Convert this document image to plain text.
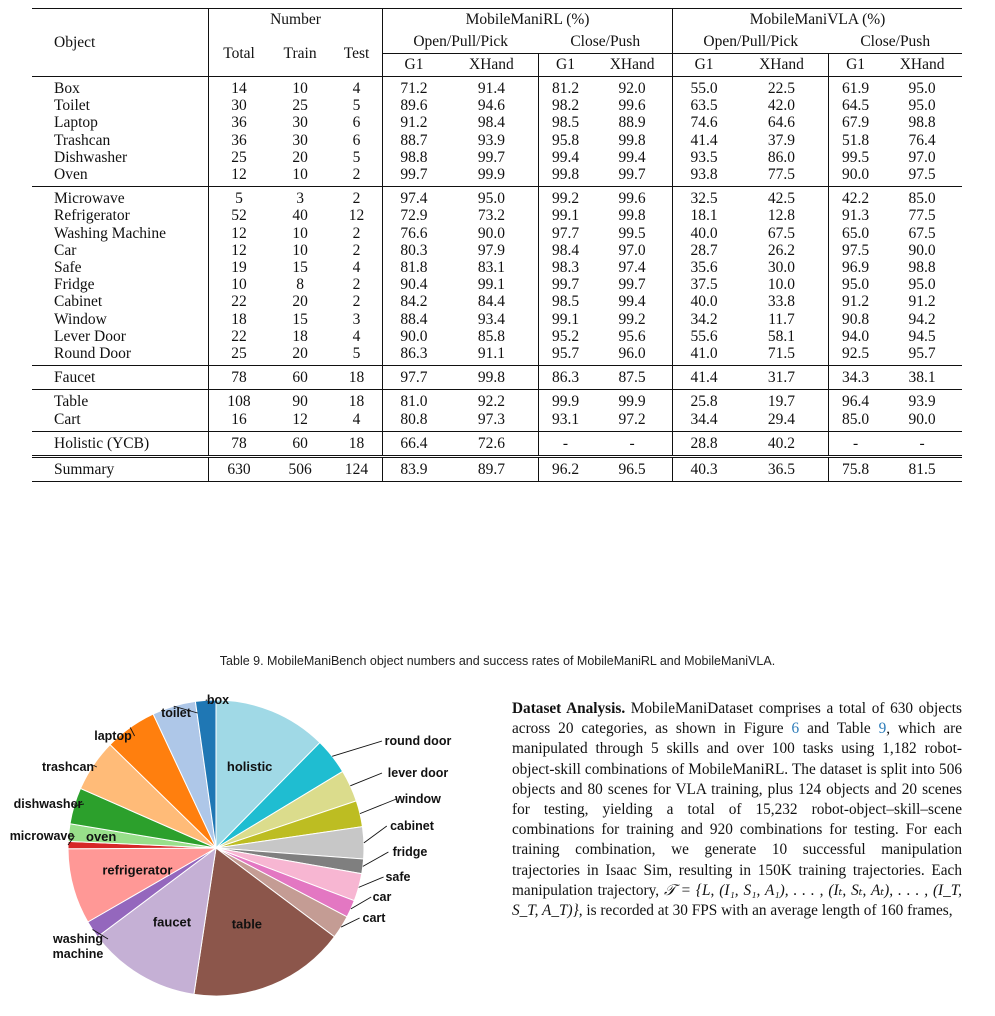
Object	Number			MobileManiRL (%)				MobileManiVLA (%)			
	Total	Train	Test	Open/Pull/Pick		Close/Push		Open/Pull/Pick		Close/Push	
				G1	XHand	G1	XHand	G1	XHand	G1	XHand
Box	14	10	4	71.2	91.4	81.2	92.0	55.0	22.5	61.9	95.0
Toilet	30	25	5	89.6	94.6	98.2	99.6	63.5	42.0	64.5	95.0
Laptop	36	30	6	91.2	98.4	98.5	88.9	74.6	64.6	67.9	98.8
Trashcan	36	30	6	88.7	93.9	95.8	99.8	41.4	37.9	51.8	76.4
Dishwasher	25	20	5	98.8	99.7	99.4	99.4	93.5	86.0	99.5	97.0
Oven	12	10	2	99.7	99.9	99.8	99.7	93.8	77.5	90.0	97.5
Microwave	5	3	2	97.4	95.0	99.2	99.6	32.5	42.5	42.2	85.0
Refrigerator	52	40	12	72.9	73.2	99.1	99.8	18.1	12.8	91.3	77.5
Washing Machine	12	10	2	76.6	90.0	97.7	99.5	40.0	67.5	65.0	67.5
Car	12	10	2	80.3	97.9	98.4	97.0	28.7	26.2	97.5	90.0
Safe	19	15	4	81.8	83.1	98.3	97.4	35.6	30.0	96.9	98.8
Fridge	10	8	2	90.4	99.1	99.7	99.7	37.5	10.0	95.0	95.0
Cabinet	22	20	2	84.2	84.4	98.5	99.4	40.0	33.8	91.2	91.2
Window	18	15	3	88.4	93.4	99.1	99.2	34.2	11.7	90.8	94.2
Lever Door	22	18	4	90.0	85.8	95.2	95.6	55.6	58.1	94.0	94.5
Round Door	25	20	5	86.3	91.1	95.7	96.0	41.0	71.5	92.5	95.7
Faucet	78	60	18	97.7	99.8	86.3	87.5	41.4	31.7	34.3	38.1
Table	108	90	18	81.0	92.2	99.9	99.9	25.8	19.7	96.4	93.9
Cart	16	12	4	80.8	97.3	93.1	97.2	34.4	29.4	85.0	90.0
Holistic (YCB)	78	60	18	66.4	72.6	-	-	28.8	40.2	-	-
Summary	630	506	124	83.9	89.7	96.2	96.5	40.3	36.5	75.8	81.5
Table 9. MobileManiBench object numbers and success rates of MobileManiRL and MobileManiVLA.
holistic
round door
lever door
window
cabinet
fridge
safe
car
cart
table
faucet
washing machine
refrigerator
microwave oven
dishwasher
trashcan
laptop
toilet
box	Dataset Analysis. MobileManiDataset comprises a total of 630 objects across 20 categories, as shown in Figure 6 and Table 9, which are manipulated through 5 skills and over 100 tasks using 1,182 robot-object-skill combinations of MobileManiRL. The dataset is split into 506 objects and 80 scenes for VLA training, plus 124 objects and 20 scenes for testing, yielding a total of 15,232 robot-object–skill–scene combinations for training and 920 combinations for testing. For each training combination, we generate 10 successful manipulation trajectories in Isaac Sim, resulting in 150K training trajectories. Each manipulation trajectory, 𝒯 = {L, (I₁, S₁, A₁), . . . , (Iₜ, Sₜ, Aₜ), . . . , (I_T, S_T, A_T)}, is recorded at 30 FPS with an average length of 160 frames,
